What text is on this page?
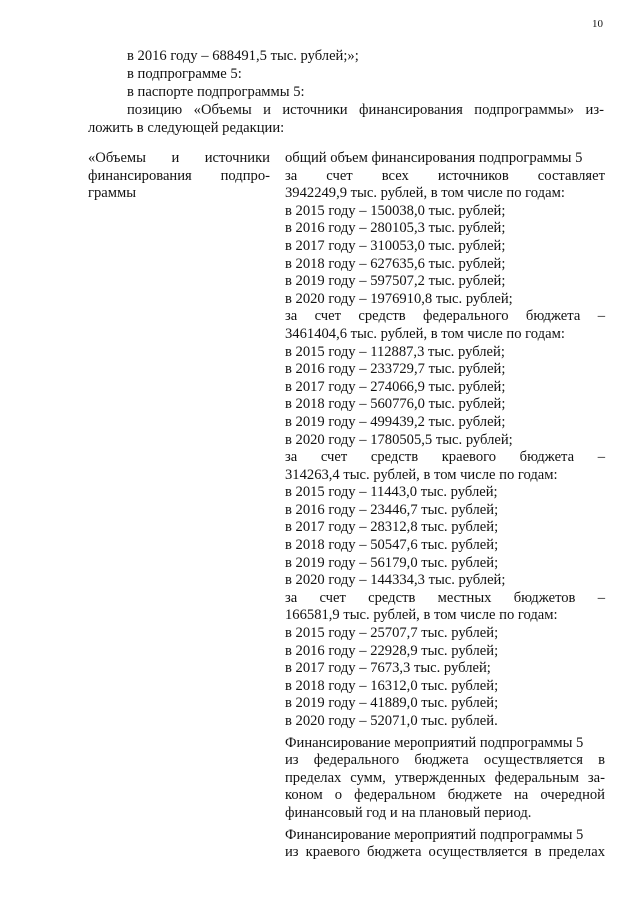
10
в 2016 году – 688491,5 тыс. рублей;»;
в подпрограмме 5:
в паспорте подпрограммы 5:
позицию «Объемы и источники финансирования подпрограммы» из-
ложить в следующей редакции:
«Объемы и источники
финансирования подпро-
граммы
общий объем финансирования подпрограммы 5
за счет всех источников составляет
3942249,9 тыс. рублей, в том числе по годам:
в 2015 году – 150038,0 тыс. рублей;
в 2016 году – 280105,3 тыс. рублей;
в 2017 году – 310053,0 тыс. рублей;
в 2018 году – 627635,6 тыс. рублей;
в 2019 году – 597507,2 тыс. рублей;
в 2020 году – 1976910,8 тыс. рублей;
за счет средств федерального бюджета –
3461404,6 тыс. рублей, в том числе по годам:
в 2015 году – 112887,3 тыс. рублей;
в 2016 году – 233729,7 тыс. рублей;
в 2017 году – 274066,9 тыс. рублей;
в 2018 году – 560776,0 тыс. рублей;
в 2019 году – 499439,2 тыс. рублей;
в 2020 году – 1780505,5 тыс. рублей;
за счет средств краевого бюджета –
314263,4 тыс. рублей, в том числе по годам:
в 2015 году – 11443,0 тыс. рублей;
в 2016 году – 23446,7 тыс. рублей;
в 2017 году – 28312,8 тыс. рублей;
в 2018 году – 50547,6 тыс. рублей;
в 2019 году – 56179,0 тыс. рублей;
в 2020 году – 144334,3 тыс. рублей;
за счет средств местных бюджетов –
166581,9 тыс. рублей, в том числе по годам:
в 2015 году – 25707,7 тыс. рублей;
в 2016 году – 22928,9 тыс. рублей;
в 2017 году – 7673,3 тыс. рублей;
в 2018 году – 16312,0 тыс. рублей;
в 2019 году – 41889,0 тыс. рублей;
в 2020 году – 52071,0 тыс. рублей.
Финансирование мероприятий подпрограммы 5
из федерального бюджета осуществляется в
пределах сумм, утвержденных федеральным за-
коном о федеральном бюджете на очередной
финансовый год и на плановый период.
Финансирование мероприятий подпрограммы 5
из краевого бюджета осуществляется в пределах
